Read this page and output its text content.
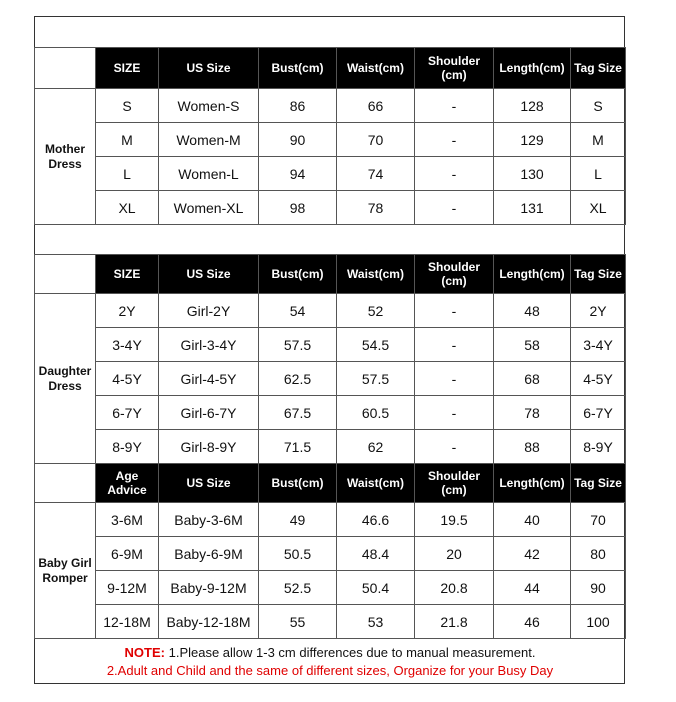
	SIZE	US Size	Bust(cm)	Waist(cm)	Shoulder (cm)	Length(cm)	Tag Size
Mother Dress	S	Women-S	86	66	-	128	S
	M	Women-M	90	70	-	129	M
	L	Women-L	94	74	-	130	L
	XL	Women-XL	98	78	-	131	XL

	SIZE	US Size	Bust(cm)	Waist(cm)	Shoulder (cm)	Length(cm)	Tag Size
Daughter Dress	2Y	Girl-2Y	54	52	-	48	2Y
	3-4Y	Girl-3-4Y	57.5	54.5	-	58	3-4Y
	4-5Y	Girl-4-5Y	62.5	57.5	-	68	4-5Y
	6-7Y	Girl-6-7Y	67.5	60.5	-	78	6-7Y
	8-9Y	Girl-8-9Y	71.5	62	-	88	8-9Y
	Age Advice	US Size	Bust(cm)	Waist(cm)	Shoulder (cm)	Length(cm)	Tag Size
Baby Girl Romper	3-6M	Baby-3-6M	49	46.6	19.5	40	70
	6-9M	Baby-6-9M	50.5	48.4	20	42	80
	9-12M	Baby-9-12M	52.5	50.4	20.8	44	90
	12-18M	Baby-12-18M	55	53	21.8	46	100
NOTE: 1.Please allow 1-3 cm differences due to manual measurement.
2.Adult and Child and the same of different sizes, Organize for your Busy Day
